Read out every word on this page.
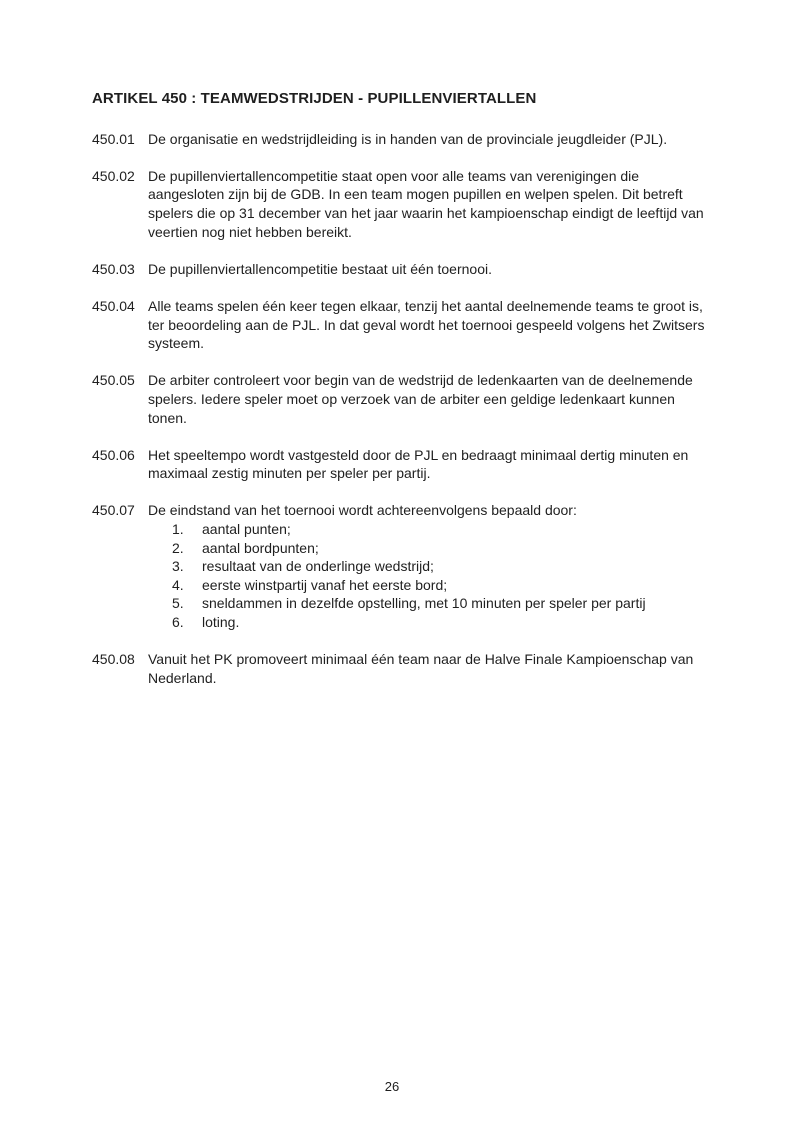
ARTIKEL 450 : TEAMWEDSTRIJDEN - PUPILLENVIERTALLEN
450.01 De organisatie en wedstrijdleiding is in handen van de provinciale jeugdleider (PJL).
450.02 De pupillenviertallencompetitie staat open voor alle teams van verenigingen die aangesloten zijn bij de GDB. In een team mogen pupillen en welpen spelen. Dit betreft spelers die op 31 december van het jaar waarin het kampioenschap eindigt de leeftijd van veertien nog niet hebben bereikt.
450.03 De pupillenviertallencompetitie bestaat uit één toernooi.
450.04 Alle teams spelen één keer tegen elkaar, tenzij het aantal deelnemende teams te groot is, ter beoordeling aan de PJL. In dat geval wordt het toernooi gespeeld volgens het Zwitsers systeem.
450.05 De arbiter controleert voor begin van de wedstrijd de ledenkaarten van de deelnemende spelers. Iedere speler moet op verzoek van de arbiter een geldige ledenkaart kunnen tonen.
450.06 Het speeltempo wordt vastgesteld door de PJL en bedraagt minimaal dertig minuten en maximaal zestig minuten per speler per partij.
450.07 De eindstand van het toernooi wordt achtereenvolgens bepaald door:
1.	aantal punten;
2.	aantal bordpunten;
3.	resultaat van de onderlinge wedstrijd;
4.	eerste winstpartij vanaf het eerste bord;
5.	sneldammen in dezelfde opstelling, met 10 minuten per speler per partij
6.	loting.
450.08 Vanuit het PK promoveert minimaal één team naar de Halve Finale Kampioenschap van Nederland.
26
